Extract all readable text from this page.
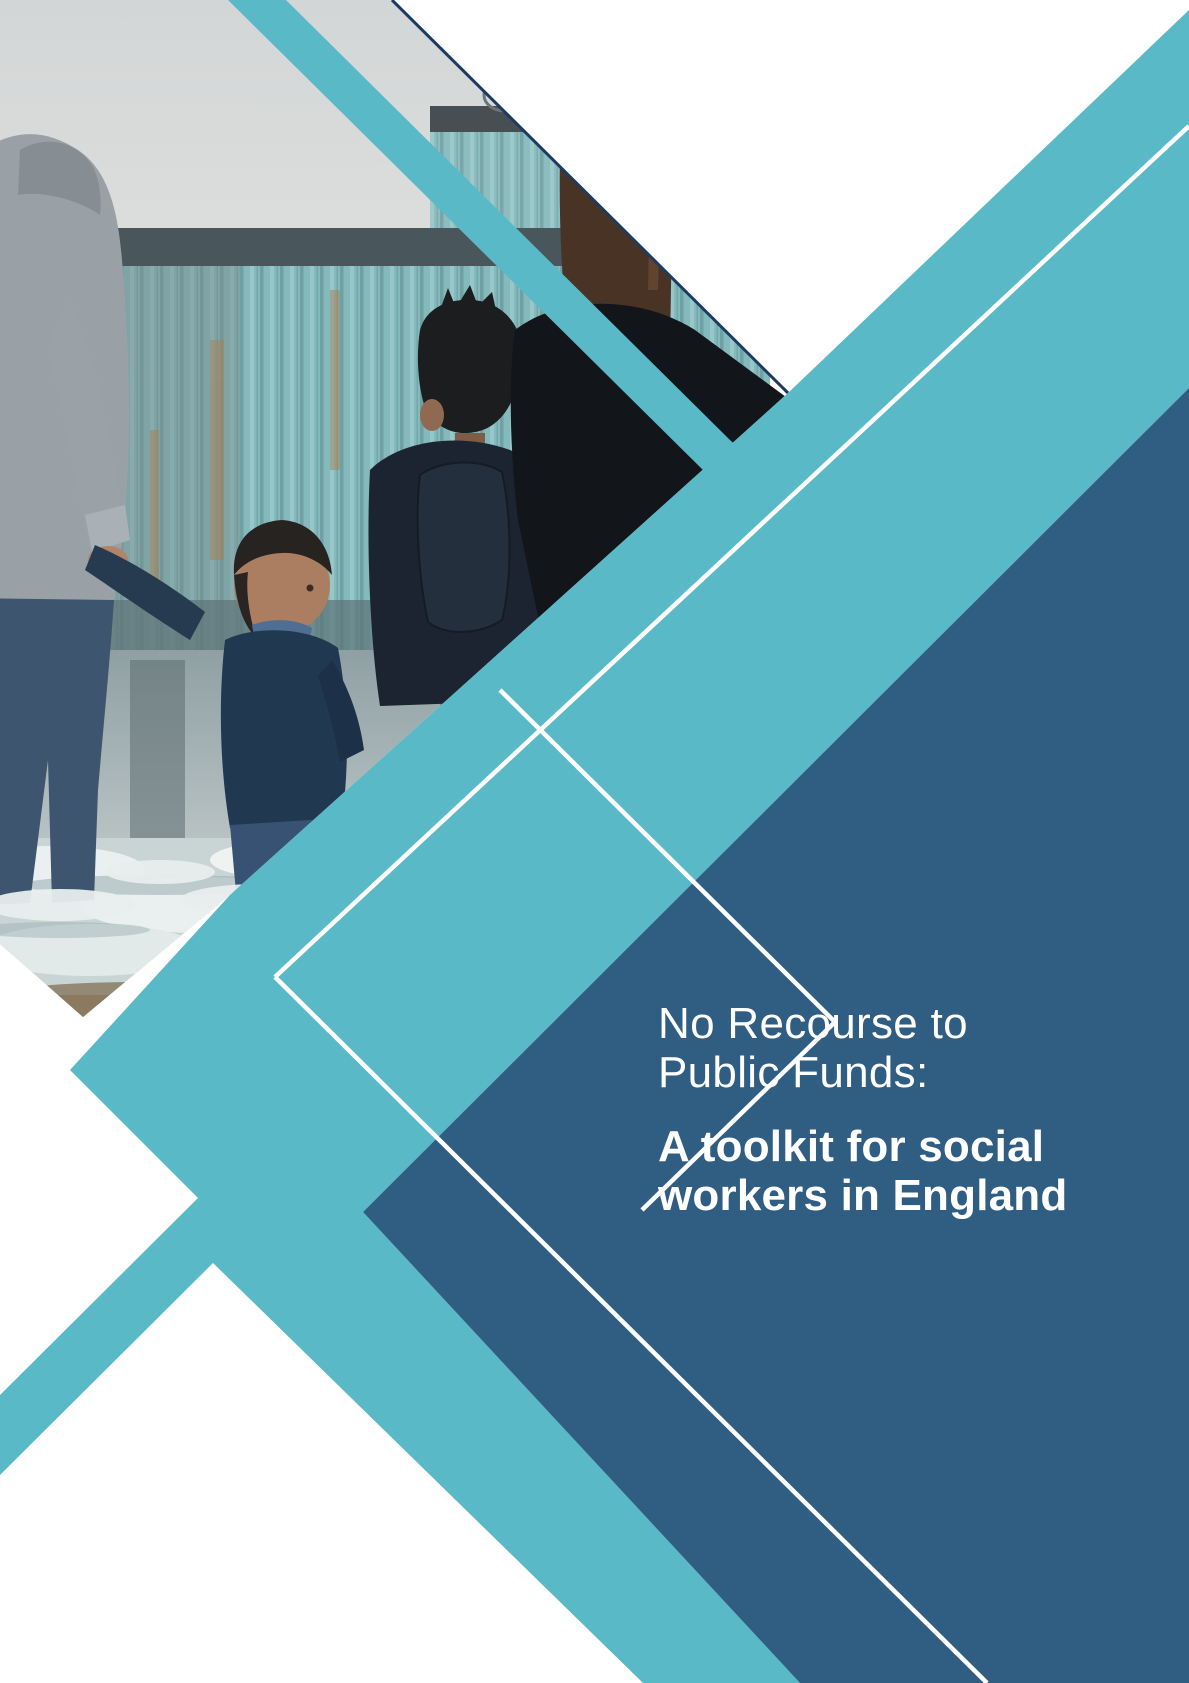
No Recourse to
Public Funds:
A toolkit for social
workers in England
